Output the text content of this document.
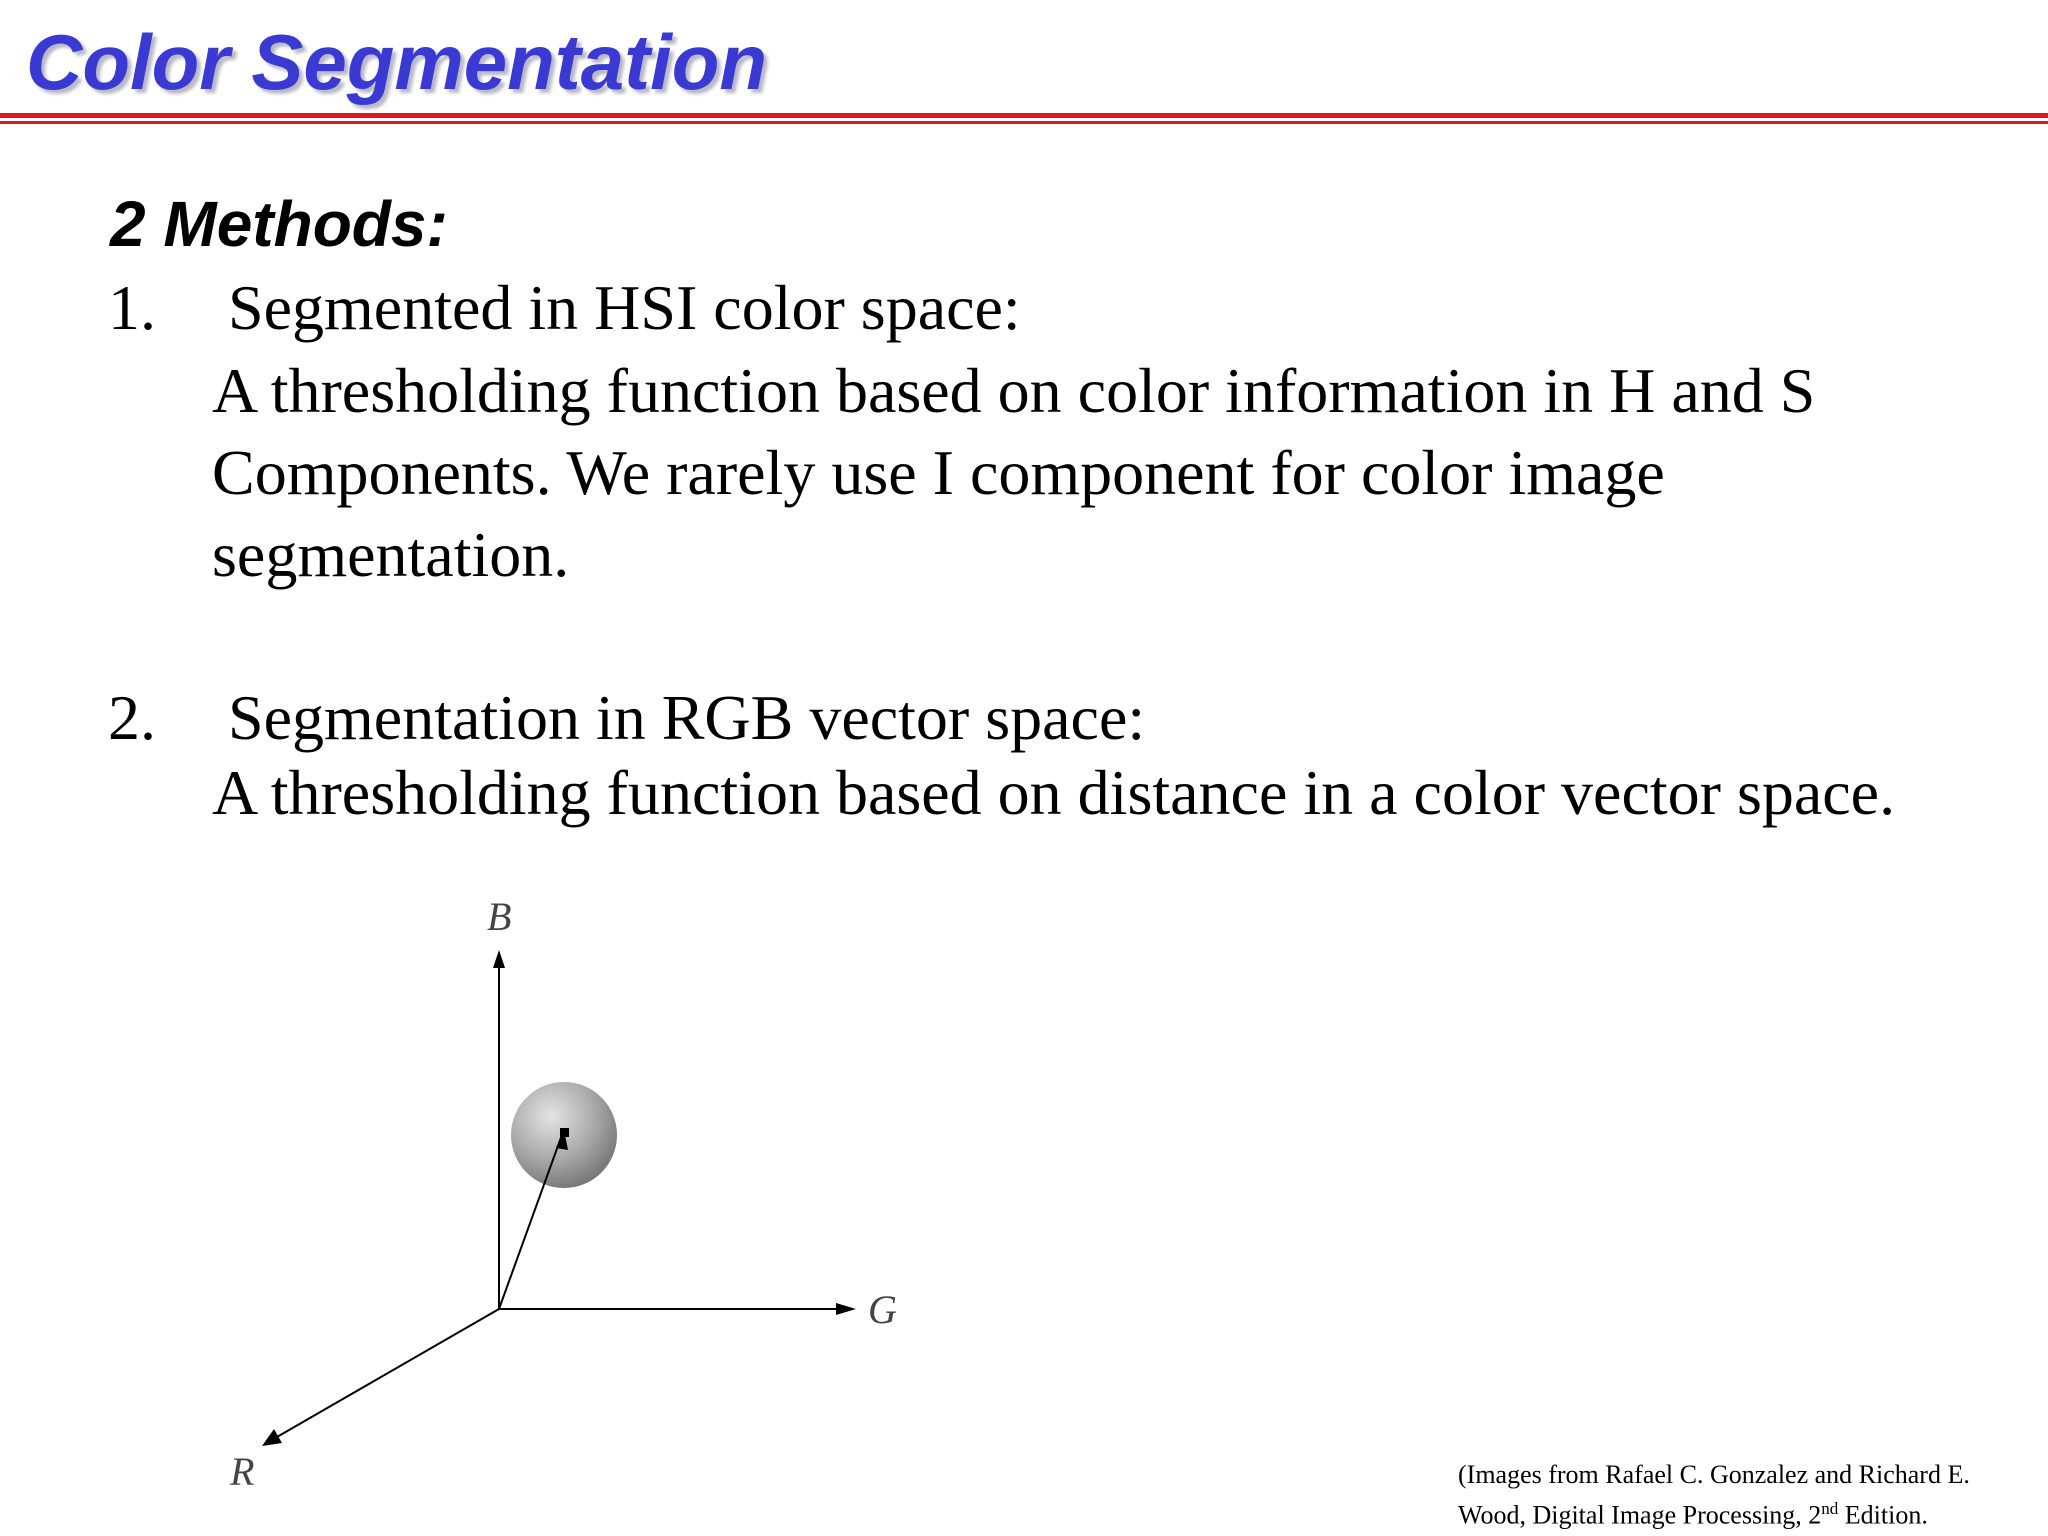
Color Segmentation
2 Methods:
1. Segmented in HSI color space:
A thresholding function based on color information in H and S Components. We rarely use I component for color image segmentation.
2. Segmentation in RGB vector space:
A thresholding function based on distance in a color vector space.
B
G
R	(Images from Rafael C. Gonzalez and Richard E.
Wood, Digital Image Processing, 2nd Edition.
